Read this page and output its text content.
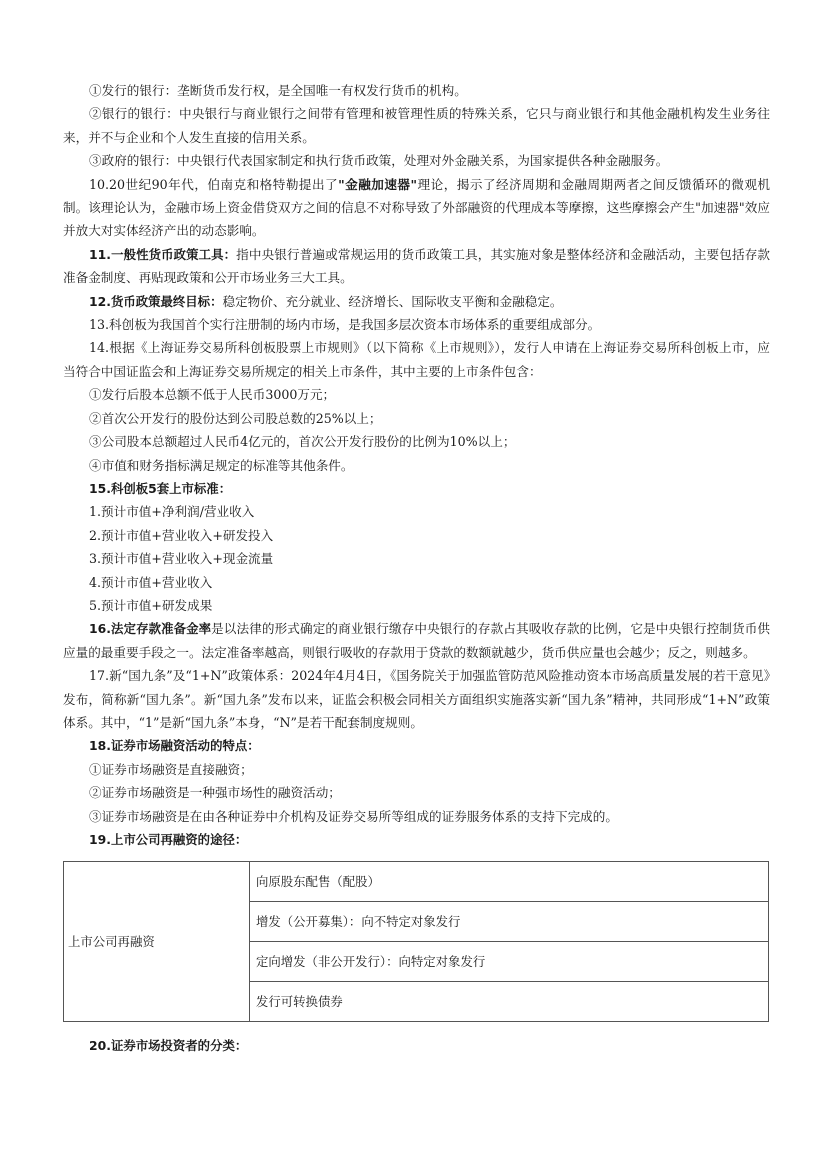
①发行的银行：垄断货币发行权，是全国唯一有权发行货币的机构。

②银行的银行：中央银行与商业银行之间带有管理和被管理性质的特殊关系，它只与商业银行和其他金融机构发生业务往来，并不与企业和个人发生直接的信用关系。

③政府的银行：中央银行代表国家制定和执行货币政策，处理对外金融关系，为国家提供各种金融服务。

10.20世纪90年代，伯南克和格特勒提出了"金融加速器"理论，揭示了经济周期和金融周期两者之间反馈循环的微观机制。该理论认为，金融市场上资金借贷双方之间的信息不对称导致了外部融资的代理成本等摩擦，这些摩擦会产生"加速器"效应并放大对实体经济产出的动态影响。

11.一般性货币政策工具：指中央银行普遍或常规运用的货币政策工具，其实施对象是整体经济和金融活动，主要包括存款准备金制度、再贴现政策和公开市场业务三大工具。

12.货币政策最终目标：稳定物价、充分就业、经济增长、国际收支平衡和金融稳定。

13.科创板为我国首个实行注册制的场内市场，是我国多层次资本市场体系的重要组成部分。

14.根据《上海证券交易所科创板股票上市规则》（以下简称《上市规则》），发行人申请在上海证券交易所科创板上市，应当符合中国证监会和上海证券交易所规定的相关上市条件，其中主要的上市条件包含：

①发行后股本总额不低于人民币3000万元；

②首次公开发行的股份达到公司股总数的25%以上；

③公司股本总额超过人民币4亿元的，首次公开发行股份的比例为10%以上；

④市值和财务指标满足规定的标准等其他条件。

15.科创板5套上市标准：

1.预计市值+净利润/营业收入

2.预计市值+营业收入+研发投入

3.预计市值+营业收入+现金流量

4.预计市值+营业收入

5.预计市值+研发成果

16.法定存款准备金率是以法律的形式确定的商业银行缴存中央银行的存款占其吸收存款的比例，它是中央银行控制货币供应量的最重要手段之一。法定准备率越高，则银行吸收的存款用于贷款的数额就越少，货币供应量也会越少；反之，则越多。

17.新“国九条”及“1+N”政策体系：2024年4月4日，《国务院关于加强监管防范风险推动资本市场高质量发展的若干意见》发布，简称新“国九条”。新“国九条”发布以来，证监会积极会同相关方面组织实施落实新“国九条”精神，共同形成“1+N”政策体系。其中，“1”是新“国九条”本身，“N”是若干配套制度规则。

18.证券市场融资活动的特点：

①证券市场融资是直接融资；

②证券市场融资是一种强市场性的融资活动；

③证券市场融资是在由各种证券中介机构及证券交易所等组成的证券服务体系的支持下完成的。

19.上市公司再融资的途径：

上市公司再融资	向原股东配售（配股）
增发（公开募集）：向不特定对象发行
定向增发（非公开发行）：向特定对象发行
发行可转换债券

20.证券市场投资者的分类：
